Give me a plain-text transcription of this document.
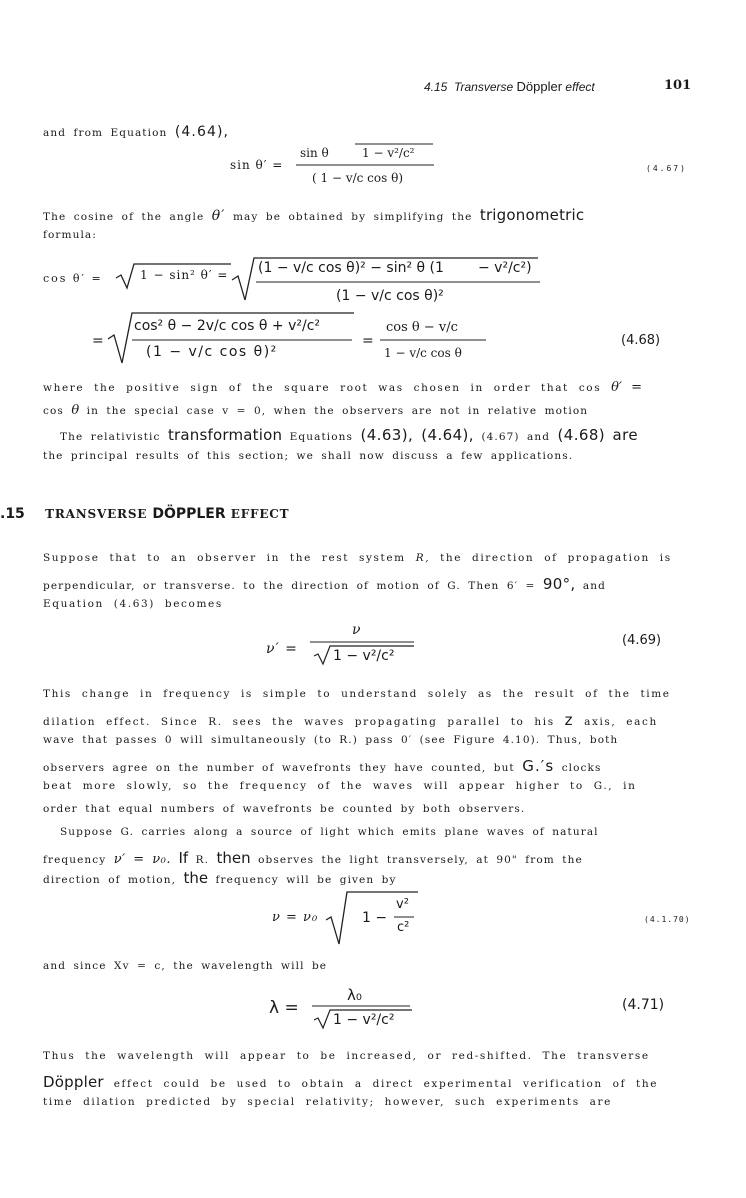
4.15 Transverse Döppler effect	101
and from Equation (4.64),
sin θ′ =
sin θ	1 − v²/c²
( 1 − v/c cos θ)
(4.67)
The cosine of the angle θ′ may be obtained by simplifying the trigonometric
formula:
cos θ′ =	1 − sin² θ′ = (1 − v/c cos θ)² − sin² θ (1 − v²/c²)
(1 − v/c cos θ)²
=
cos² θ − 2v/c cos θ + v²/c²
(1 − v/c cos θ)²
=
cos θ − v/c
1 − v/c cos θ
(4.68)
where the positive sign of the square root was chosen in order that cos θ′ =
cos θ in the special case v = 0, when the observers are not in relative motion
The relativistic transformation Equations (4.63), (4.64), (4.67) and (4.68) are
the principal results of this section; we shall now discuss a few applications.
.15 TRANSVERSE DÖPPLER EFFECT
Suppose that to an observer in the rest system R, the direction of propagation is
perpendicular, or transverse. to the direction of motion of G. Then 6′ = 90°, and
Equation (4.63) becomes
ν′ =
ν
1 − v²/c²
(4.69)
This change in frequency is simple to understand solely as the result of the time
dilation effect. Since R. sees the waves propagating parallel to his z axis, each
wave that passes 0 will simultaneously (to R.) pass 0′ (see Figure 4.10). Thus, both
observers agree on the number of wavefronts they have counted, but G.′s clocks
beat more slowly, so the frequency of the waves will appear higher to G., in
order that equal numbers of wavefronts be counted by both observers.
Suppose G. carries along a source of light which emits plane waves of natural
frequency ν′ = ν₀. If R. then observes the light transversely, at 90" from the
direction of motion, the frequency will be given by
ν = ν₀	1 −
v²
c²
(4.1.70)
and since Xv = c, the wavelength will be
λ =
λ₀
1 − v²/c²
(4.71)
Thus the wavelength will appear to be increased, or red-shifted. The transverse
Döppler effect could be used to obtain a direct experimental verification of the
time dilation predicted by special relativity; however, such experiments are
